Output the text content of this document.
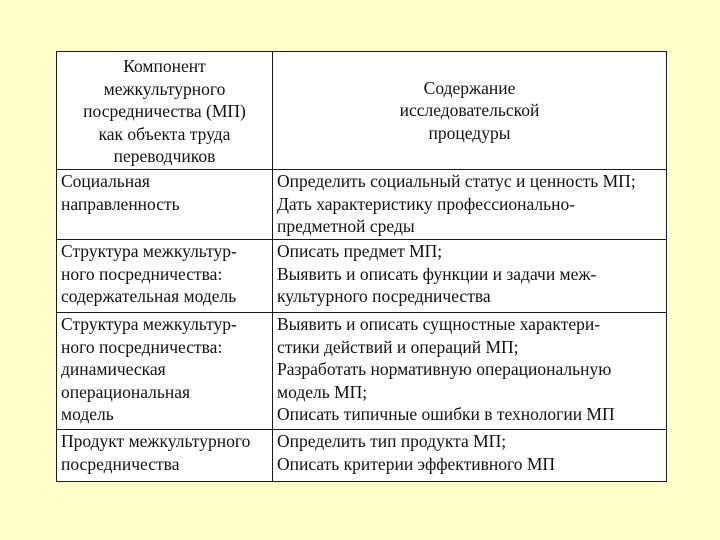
Компонент
межкультурного
посредничества (МП)
как объекта труда
переводчиков	Содержание
исследовательской
процедуры

Социальная
направленность	Определить социальный статус и ценность МП;
Дать характеристику профессионально-
предметной среды

Структура межкультур-
ного посредничества:
содержательная модель	Описать предмет МП;
Выявить и описать функции и задачи меж-
культурного посредничества

Структура межкультур-
ного посредничества:
динамическая
операциональная
модель	Выявить и описать сущностные характери-
стики действий и операций МП;
Разработать нормативную операциональную
модель МП;
Описать типичные ошибки в технологии МП

Продукт межкультурного
посредничества	Определить тип продукта МП;
Описать критерии эффективного МП
